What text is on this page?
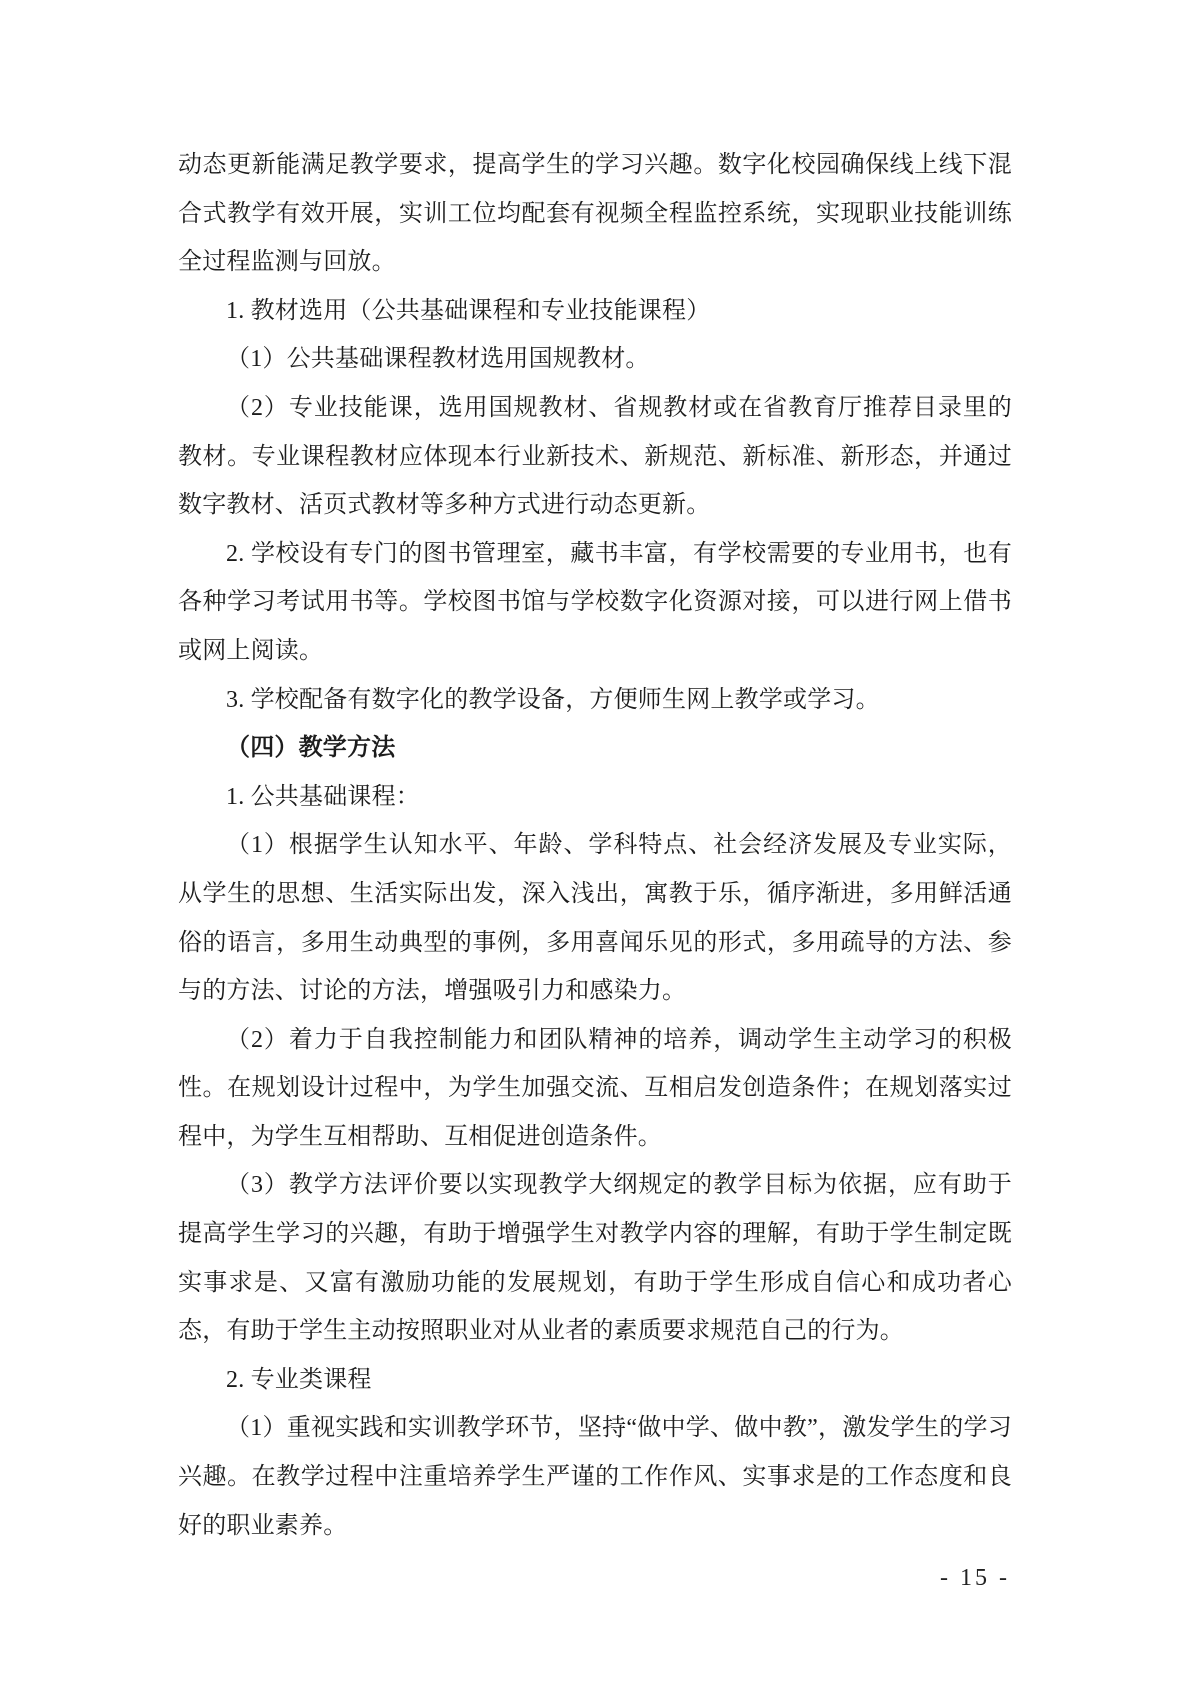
动态更新能满足教学要求，提高学生的学习兴趣。数字化校园确保线上线下混合式教学有效开展，实训工位均配套有视频全程监控系统，实现职业技能训练全过程监测与回放。

1. 教材选用（公共基础课程和专业技能课程）

（1）公共基础课程教材选用国规教材。

（2）专业技能课，选用国规教材、省规教材或在省教育厅推荐目录里的教材。专业课程教材应体现本行业新技术、新规范、新标准、新形态，并通过数字教材、活页式教材等多种方式进行动态更新。

2. 学校设有专门的图书管理室，藏书丰富，有学校需要的专业用书，也有各种学习考试用书等。学校图书馆与学校数字化资源对接，可以进行网上借书或网上阅读。

3. 学校配备有数字化的教学设备，方便师生网上教学或学习。

（四）教学方法

1. 公共基础课程：

（1）根据学生认知水平、年龄、学科特点、社会经济发展及专业实际，从学生的思想、生活实际出发，深入浅出，寓教于乐，循序渐进，多用鲜活通俗的语言，多用生动典型的事例，多用喜闻乐见的形式，多用疏导的方法、参与的方法、讨论的方法，增强吸引力和感染力。

（2）着力于自我控制能力和团队精神的培养，调动学生主动学习的积极性。在规划设计过程中，为学生加强交流、互相启发创造条件；在规划落实过程中，为学生互相帮助、互相促进创造条件。

（3）教学方法评价要以实现教学大纲规定的教学目标为依据，应有助于提高学生学习的兴趣，有助于增强学生对教学内容的理解，有助于学生制定既实事求是、又富有激励功能的发展规划，有助于学生形成自信心和成功者心态，有助于学生主动按照职业对从业者的素质要求规范自己的行为。

2. 专业类课程

（1）重视实践和实训教学环节，坚持“做中学、做中教”，激发学生的学习兴趣。在教学过程中注重培养学生严谨的工作作风、实事求是的工作态度和良好的职业素养。

- 15 -
